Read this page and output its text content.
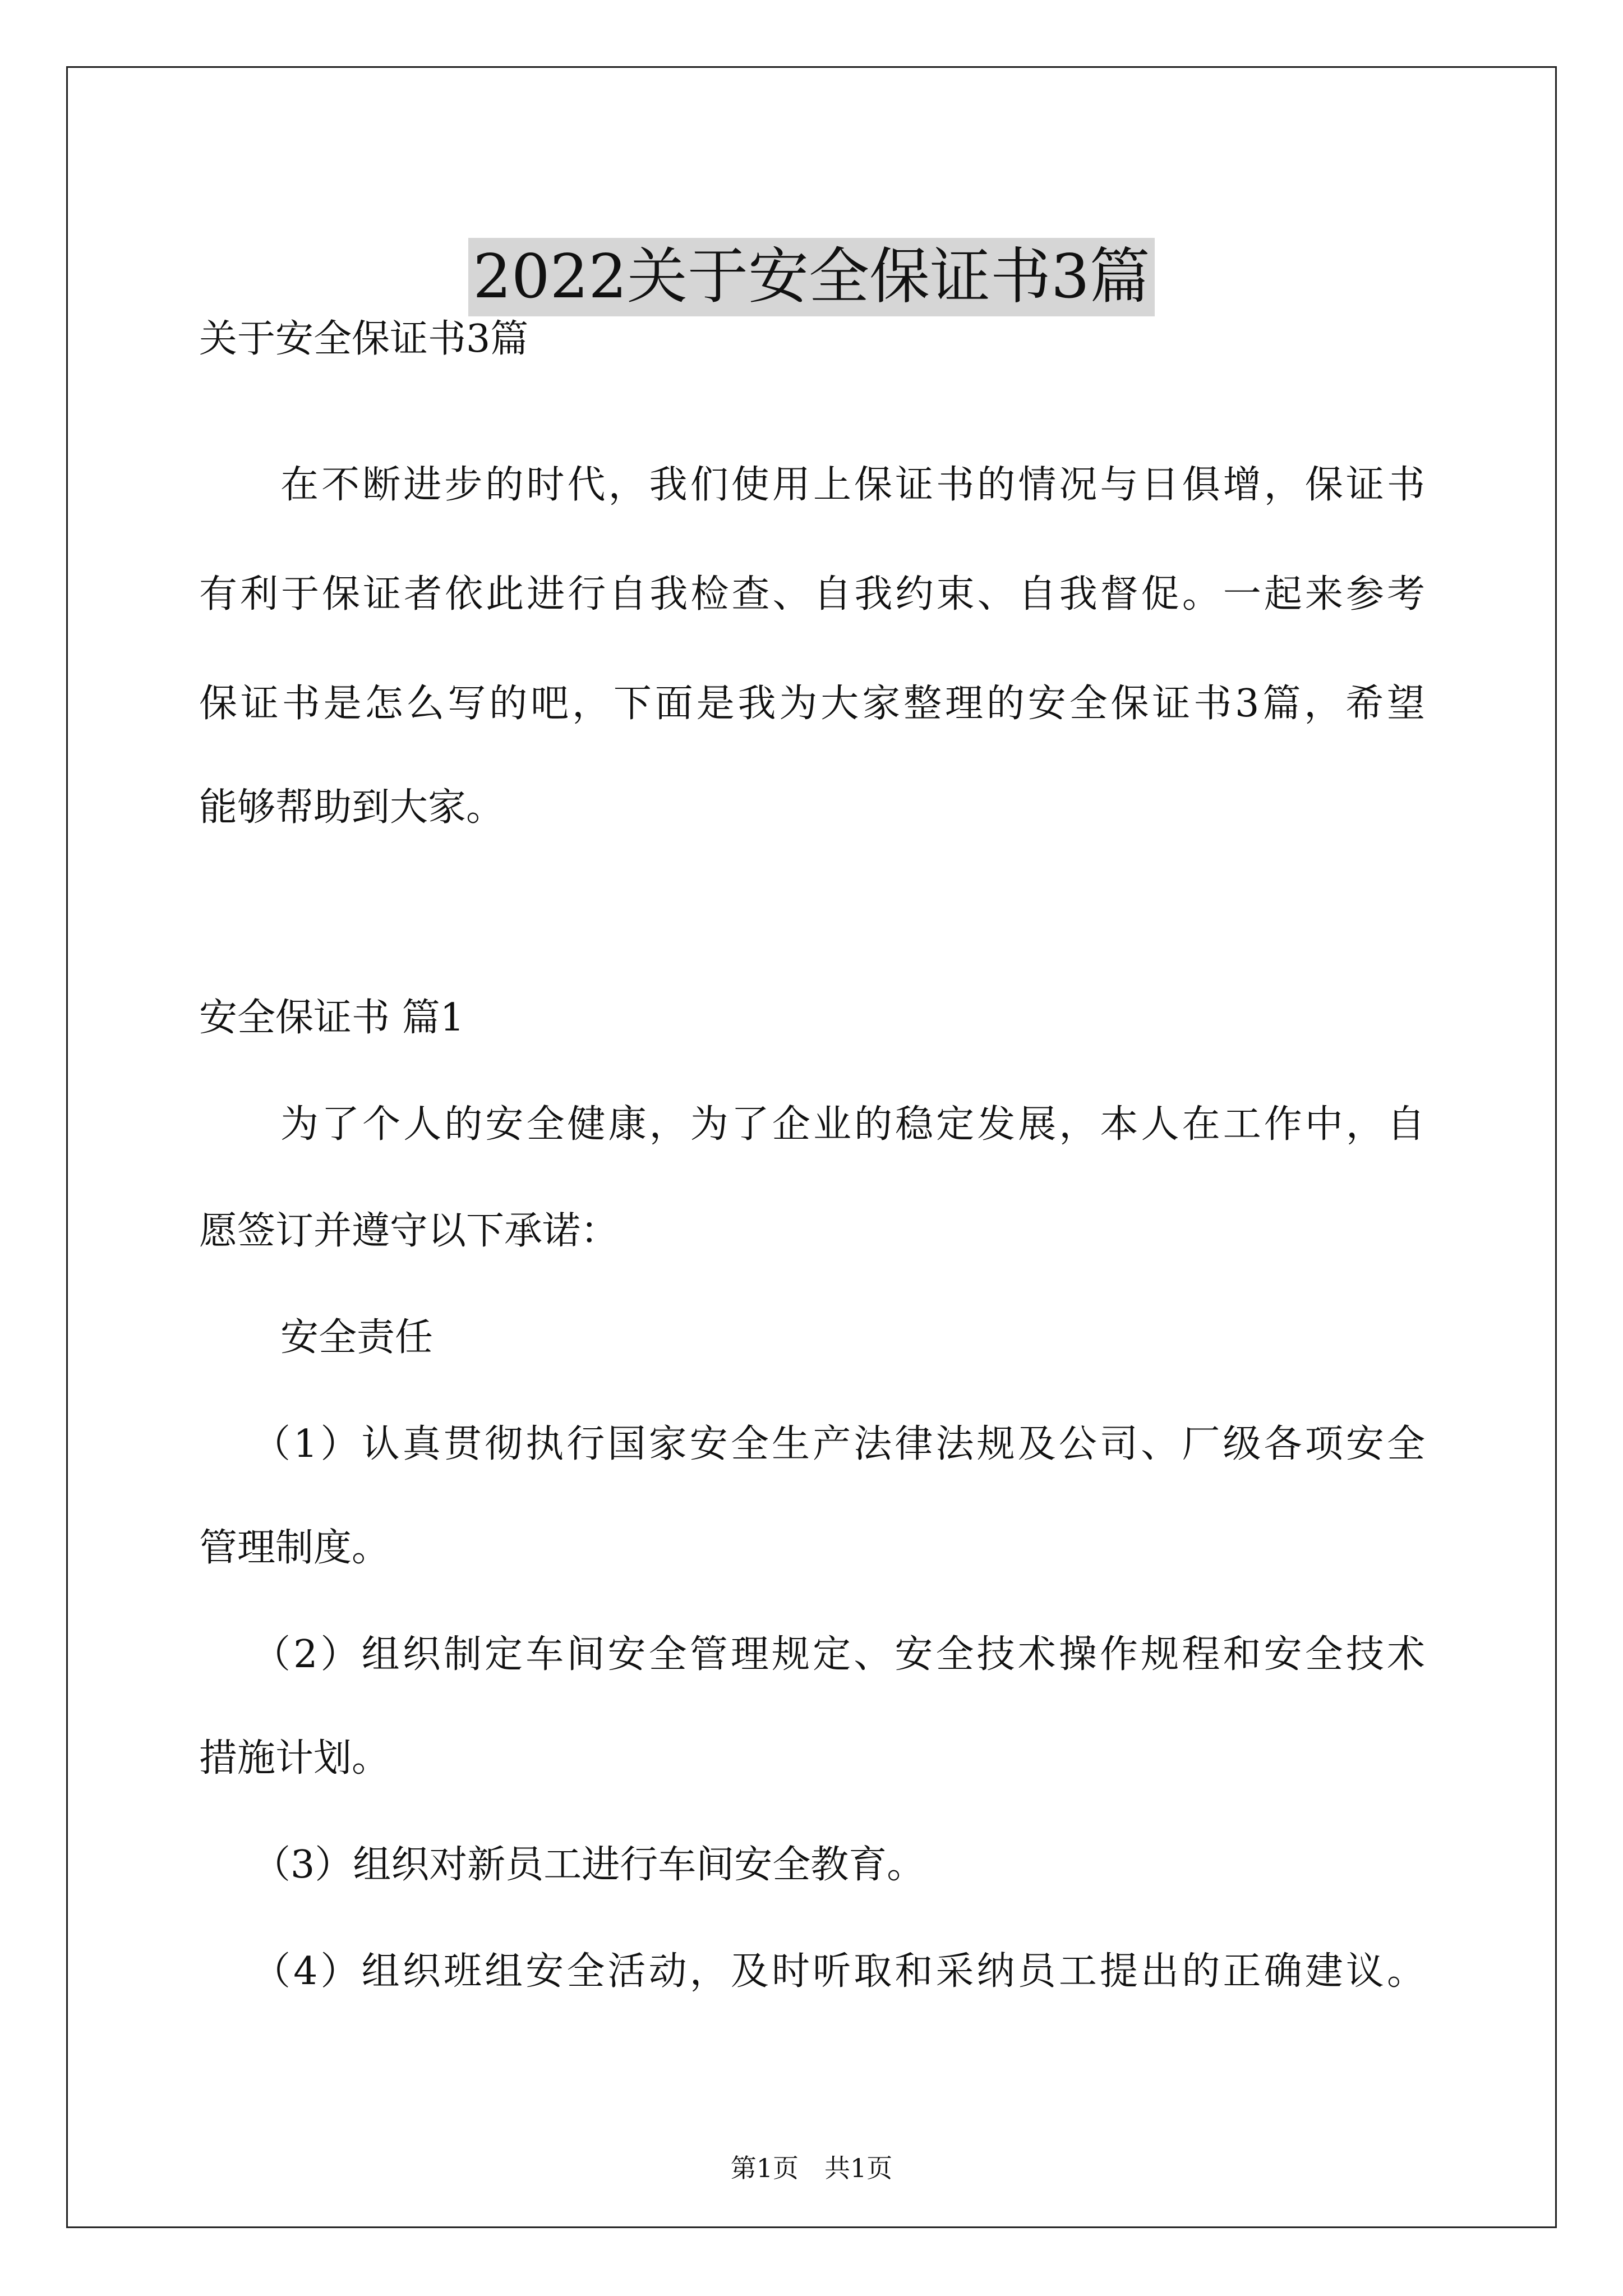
2022关于安全保证书3篇
关于安全保证书3篇
在不断进步的时代，我们使用上保证书的情况与日俱增，保证书
有利于保证者依此进行自我检查、自我约束、自我督促。一起来参考
保证书是怎么写的吧，下面是我为大家整理的安全保证书3篇，希望
能够帮助到大家。
安全保证书 篇1
为了个人的安全健康，为了企业的稳定发展，本人在工作中，自
愿签订并遵守以下承诺：
安全责任
（1）认真贯彻执行国家安全生产法律法规及公司、厂级各项安全
管理制度。
（2）组织制定车间安全管理规定、安全技术操作规程和安全技术
措施计划。
（3）组织对新员工进行车间安全教育。
（4）组织班组安全活动，及时听取和采纳员工提出的正确建议。
第1页　共1页
